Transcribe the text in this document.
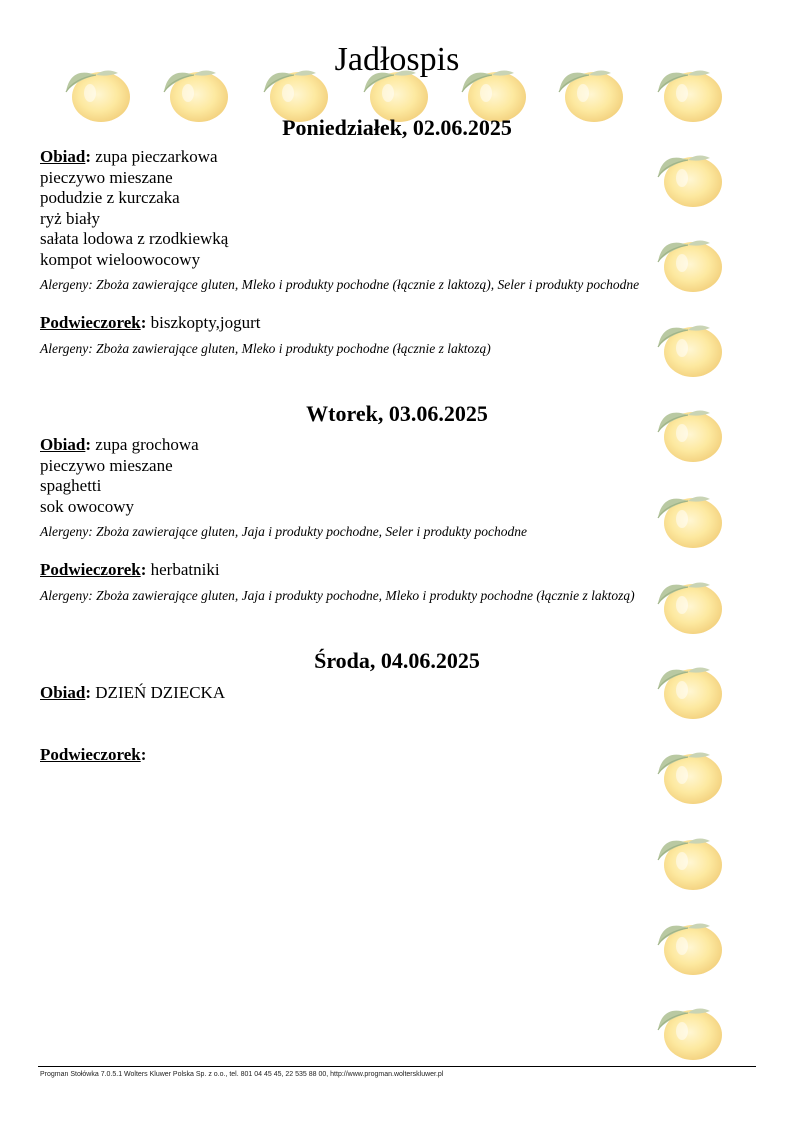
Jadłospis
Poniedziałek, 02.06.2025
Obiad: zupa pieczarkowa
pieczywo mieszane
podudzie z kurczaka
ryż biały
sałata lodowa z rzodkiewką
kompot wieloowocowy
Alergeny: Zboża zawierające gluten, Mleko i produkty pochodne (łącznie z laktozą), Seler i produkty pochodne
Podwieczorek: biszkopty,jogurt
Alergeny: Zboża zawierające gluten, Mleko i produkty pochodne (łącznie z laktozą)
Wtorek, 03.06.2025
Obiad: zupa grochowa
pieczywo mieszane
spaghetti
sok owocowy
Alergeny: Zboża zawierające gluten, Jaja i produkty pochodne, Seler i produkty pochodne
Podwieczorek: herbatniki
Alergeny: Zboża zawierające gluten, Jaja i produkty pochodne, Mleko i produkty pochodne (łącznie z laktozą)
Środa, 04.06.2025
Obiad: DZIEŃ DZIECKA
Podwieczorek:
Progman Stołówka 7.0.5.1 Wolters Kluwer Polska Sp. z o.o., tel. 801 04 45 45, 22 535 88 00, http://www.progman.wolterskluwer.pl
